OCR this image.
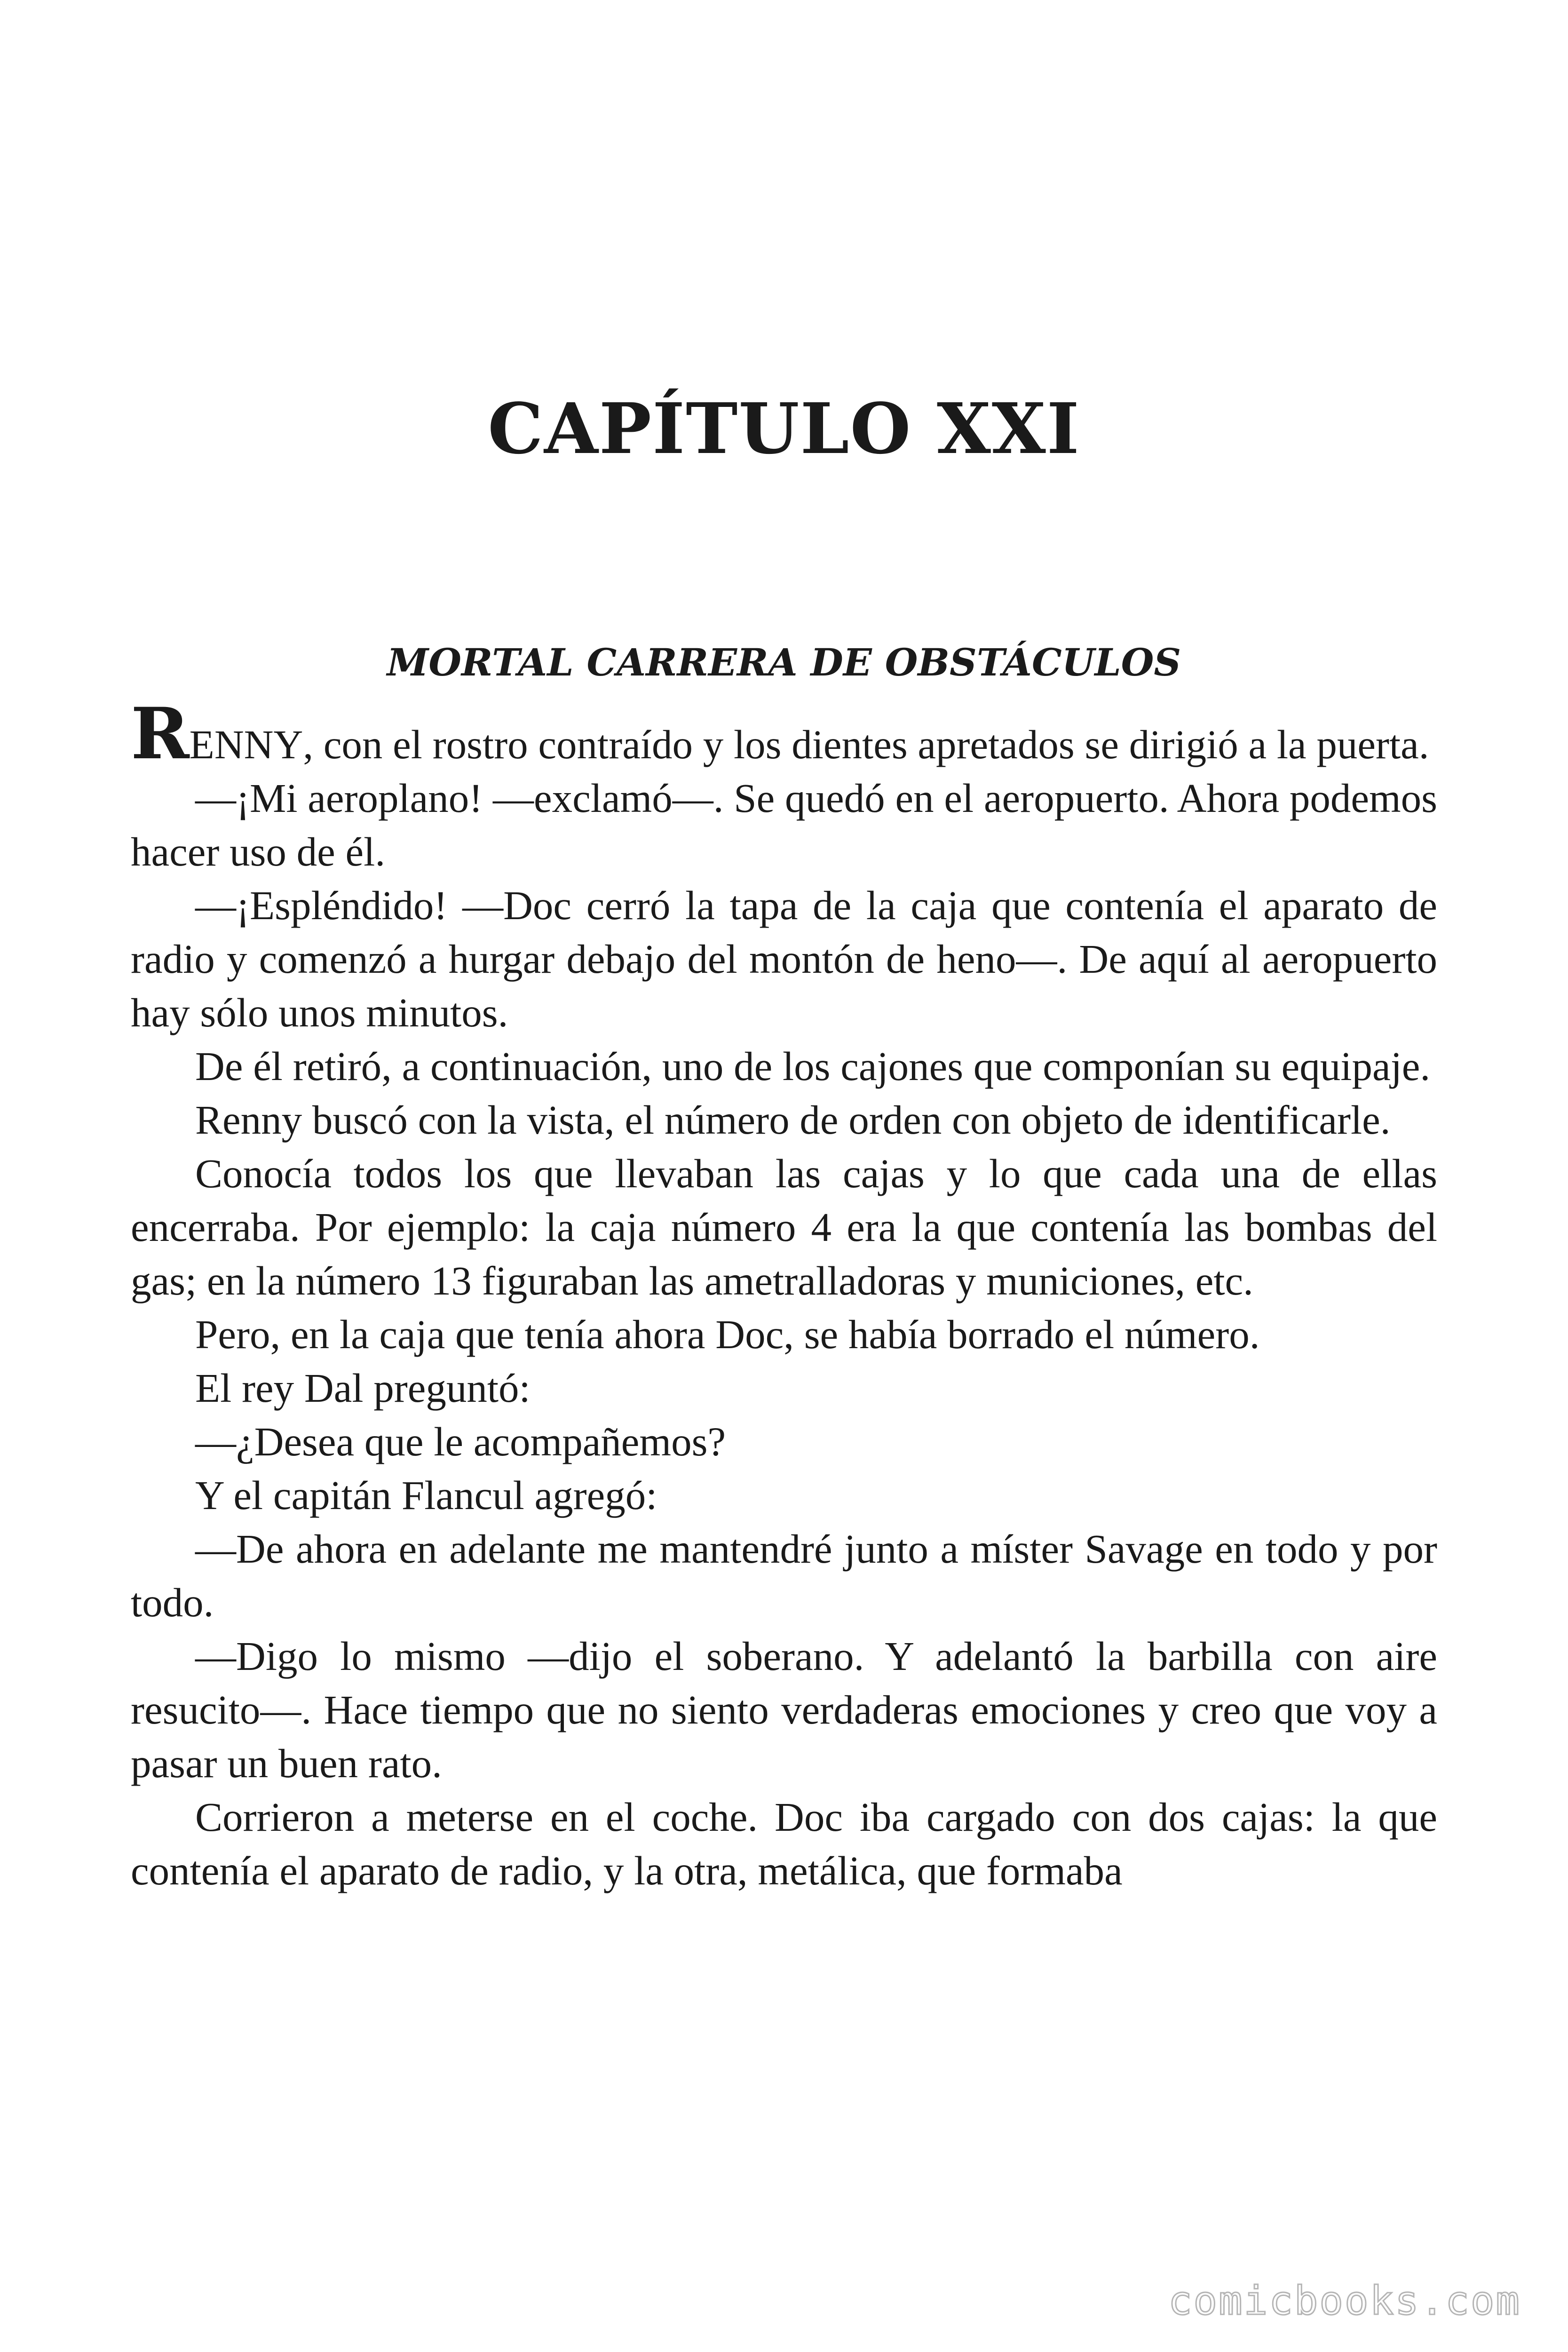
CAPÍTULO XXI
MORTAL CARRERA DE OBSTÁCULOS

RENNY, con el rostro contraído y los dientes apretados se dirigió a la puerta.

—¡Mi aeroplano! —exclamó—. Se quedó en el aeropuerto. Ahora podemos hacer uso de él.

—¡Espléndido! —Doc cerró la tapa de la caja que contenía el aparato de radio y comenzó a hurgar debajo del montón de heno—. De aquí al aeropuerto hay sólo unos minutos.

De él retiró, a continuación, uno de los cajones que componían su equipaje.

Renny buscó con la vista, el número de orden con objeto de identificarle.

Conocía todos los que llevaban las cajas y lo que cada una de ellas encerraba. Por ejemplo: la caja número 4 era la que contenía las bombas del gas; en la número 13 figuraban las ametralladoras y municiones, etc.

Pero, en la caja que tenía ahora Doc, se había borrado el número.

El rey Dal preguntó:

—¿Desea que le acompañemos?

Y el capitán Flancul agregó:

—De ahora en adelante me mantendré junto a míster Savage en todo y por todo.

—Digo lo mismo —dijo el soberano. Y adelantó la barbilla con aire resucito—. Hace tiempo que no siento verdaderas emociones y creo que voy a pasar un buen rato.

Corrieron a meterse en el coche. Doc iba cargado con dos cajas: la que contenía el aparato de radio, y la otra, metálica, que formaba

comicbooks.com
